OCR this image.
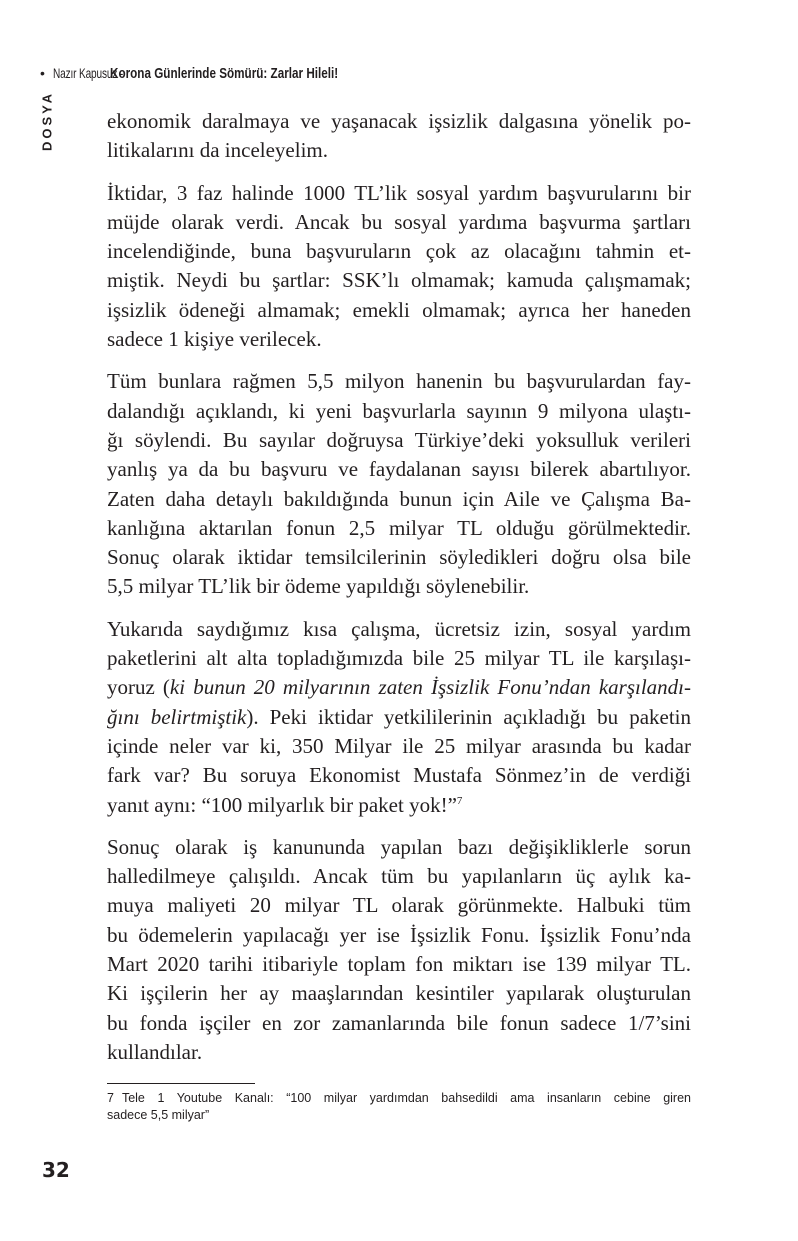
• Nazır Kapusuz -
Korona Günlerinde Sömürü: Zarlar Hileli!
DOSYA	ekonomik daralmaya ve yaşanacak işsizlik dalgasına yönelik po-
litikalarını da inceleyelim.

İktidar, 3 faz halinde 1000 TL’lik sosyal yardım başvurularını bir
müjde olarak verdi. Ancak bu sosyal yardıma başvurma şartları
incelendiğinde, buna başvuruların çok az olacağını tahmin et-
miştik. Neydi bu şartlar: SSK’lı olmamak; kamuda çalışmamak;
işsizlik ödeneği almamak; emekli olmamak; ayrıca her haneden
sadece 1 kişiye verilecek.

Tüm bunlara rağmen 5,5 milyon hanenin bu başvurulardan fay-
dalandığı açıklandı, ki yeni başvurlarla sayının 9 milyona ulaştı-
ğı söylendi. Bu sayılar doğruysa Türkiye’deki yoksulluk verileri
yanlış ya da bu başvuru ve faydalanan sayısı bilerek abartılıyor.
Zaten daha detaylı bakıldığında bunun için Aile ve Çalışma Ba-
kanlığına aktarılan fonun 2,5 milyar TL olduğu görülmektedir.
Sonuç olarak iktidar temsilcilerinin söyledikleri doğru olsa bile
5,5 milyar TL’lik bir ödeme yapıldığı söylenebilir.

Yukarıda saydığımız kısa çalışma, ücretsiz izin, sosyal yardım
paketlerini alt alta topladığımızda bile 25 milyar TL ile karşılaşı-
yoruz (ki bunun 20 milyarının zaten İşsizlik Fonu’ndan karşılandı-
ğını belirtmiştik). Peki iktidar yetkililerinin açıkladığı bu paketin
içinde neler var ki, 350 Milyar ile 25 milyar arasında bu kadar
fark var? Bu soruya Ekonomist Mustafa Sönmez’in de verdiği
yanıt aynı: “100 milyarlık bir paket yok!”$^7$

Sonuç olarak iş kanununda yapılan bazı değişikliklerle sorun
halledilmeye çalışıldı. Ancak tüm bu yapılanların üç aylık ka-
muya maliyeti 20 milyar TL olarak görünmekte. Halbuki tüm
bu ödemelerin yapılacağı yer ise İşsizlik Fonu. İşsizlik Fonu’nda
Mart 2020 tarihi itibariyle toplam fon miktarı ise 139 milyar TL.
Ki işçilerin her ay maaşlarından kesintiler yapılarak oluşturulan
bu fonda işçiler en zor zamanlarında bile fonun sadece 1/7’sini
kullandılar.

7 Tele 1 Youtube Kanalı: “100 milyar yardımdan bahsedildi ama insanların cebine giren
sadece 5,5 milyar”
32
